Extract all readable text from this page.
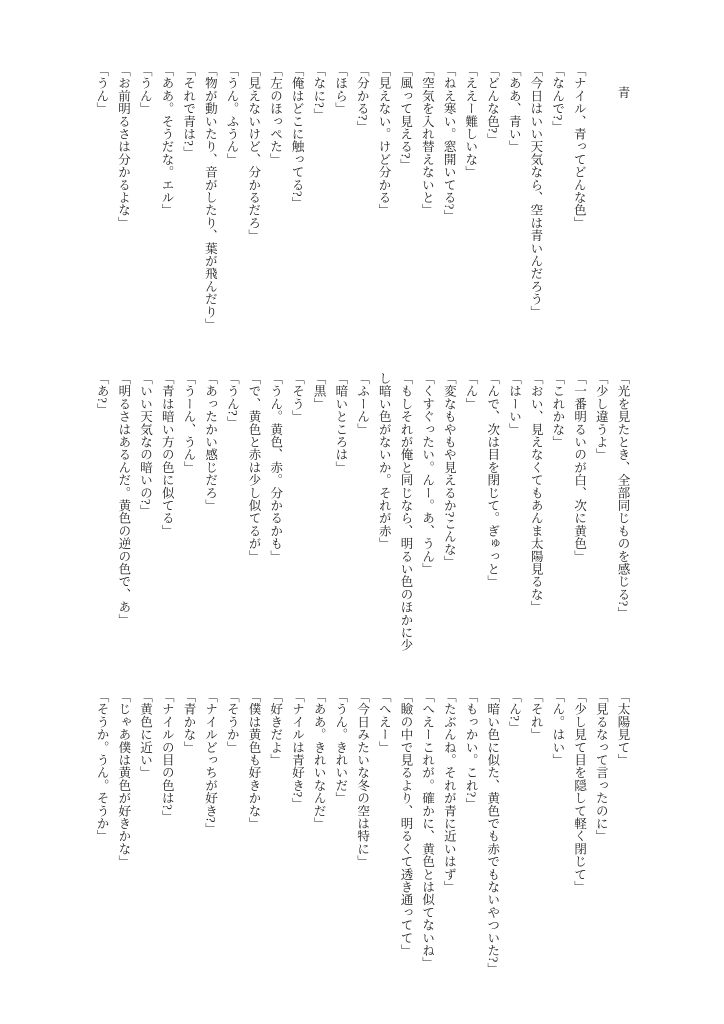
青
「ナイル、青ってどんな色」
「なんで?」
「今日はいい天気なら、空は青いんだろう」
「ああ、青い」
「どんな色?」
「ええー難しいな」
「ねえ寒い。窓開いてる?」
「空気を入れ替えないと」
「風って見える?」
「見えない。けど分かる」
「分かる?」
「ほら」
「なに?」
「俺はどこに触ってる?」
「左のほっぺた」
「見えないけど、分かるだろ」
「うん。ふうん」
「物が動いたり、音がしたり、葉が飛んだり」
「それで青は?」
「ああ。そうだな。エル」
「うん」
「お前明るさは分かるよな」
「うん」
「光を見たとき、全部同じものを感じる?」
「少し違うよ」
「一番明るいのが白、次に黄色」
「これかな」
「おい、見えなくてもあんま太陽見るな」
「はーい」
「んで、次は目を閉じて。ぎゅっと」
「ん」
「変なもやもや見えるか?こんな」
「くすぐったい。んー。あ、うん」
「もしそれが俺と同じなら、明るい色のほかに少し暗い色がないか。それが赤」
「ふーん」
「暗いところは」
「黒」
「そう」
「うん。黄色、赤。分かるかも」
「で、黄色と赤は少し似てるが」
「うん?」
「あったかい感じだろ」
「うーん、うん」
「青は暗い方の色に似てる」
「いい天気なの暗いの?」
「明るさはあるんだ。黄色の逆の色で、あ」
「あ?」
「太陽見て」
「見るなって言ったのに」
「少し見て目を隠して軽く閉じて」
「ん。はい」
「それ」
「ん?」
「暗い色に似た、黄色でも赤でもないやついた?」
「もっかい。これ?」
「たぶんね。それが青に近いはず」
「へえーこれが。確かに、黄色とは似てないね」
「瞼の中で見るより、明るくて透き通ってて」
「へえー」
「今日みたいな冬の空は特に」
「うん。きれいだ」
「ああ。きれいなんだ」
「ナイルは青好き?」
「好きだよ」
「僕は黄色も好きかな」
「そうか」
「ナイルどっちが好き?」
「青かな」
「ナイルの目の色は?」
「黄色に近い」
「じゃあ僕は黄色が好きかな」
「そうか。うん。そうか」
